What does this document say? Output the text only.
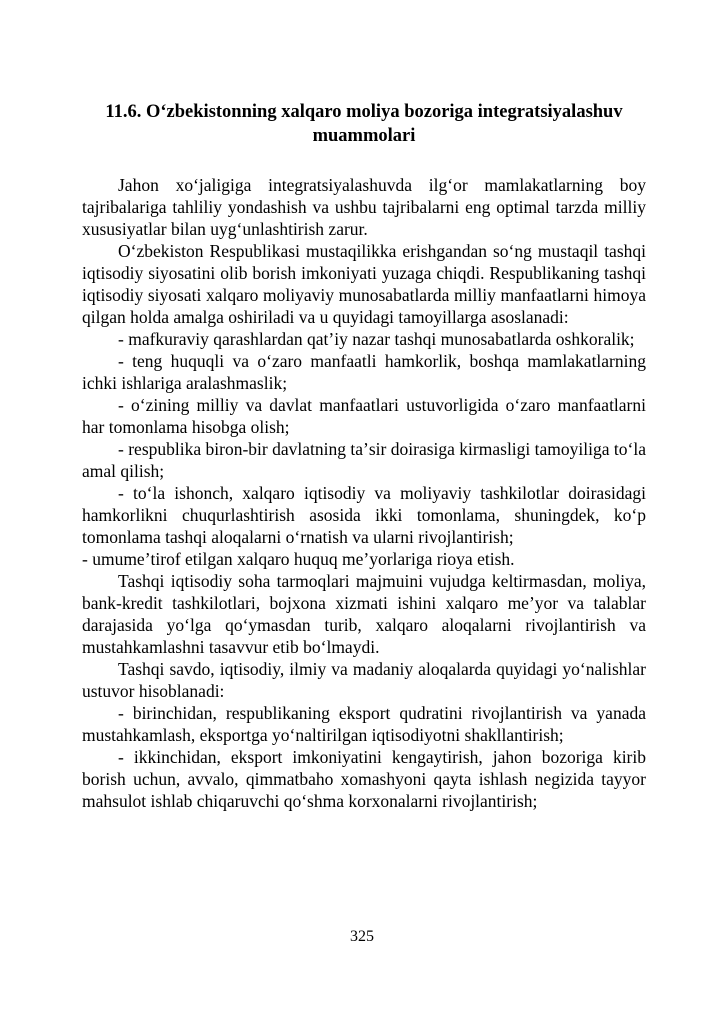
11.6. Oʻzbekistonning xalqaro moliya bozoriga integratsiyalashuv muammolari

Jahon xoʻjaligiga integratsiyalashuvda ilgʻor mamlakatlarning boy tajribalariga tahliliy yondashish va ushbu tajribalarni eng optimal tarzda milliy xususiyatlar bilan uygʻunlashtirish zarur.

Oʻzbekiston Respublikasi mustaqilikka erishgandan soʻng mustaqil tashqi iqtisodiy siyosatini olib borish imkoniyati yuzaga chiqdi. Respublikaning tashqi iqtisodiy siyosati xalqaro moliyaviy munosabatlarda milliy manfaatlarni himoya qilgan holda amalga oshiriladi va u quyidagi tamoyillarga asoslanadi:

- mafkuraviy qarashlardan qatʼiy nazar tashqi munosabatlarda oshkoralik;

- teng huquqli va oʻzaro manfaatli hamkorlik, boshqa mamlakatlarning ichki ishlariga aralashmaslik;

- oʻzining milliy va davlat manfaatlari ustuvorligida oʻzaro manfaatlarni har tomonlama hisobga olish;

- respublika biron-bir davlatning taʼsir doirasiga kirmasligi tamoyiliga toʻla amal qilish;

- toʻla ishonch, xalqaro iqtisodiy va moliyaviy tashkilotlar doirasidagi hamkorlikni chuqurlashtirish asosida ikki tomonlama, shuningdek, koʻp tomonlama tashqi aloqalarni oʻrnatish va ularni rivojlantirish;

- umumeʼtirof etilgan xalqaro huquq meʼyorlariga rioya etish.

Tashqi iqtisodiy soha tarmoqlari majmuini vujudga keltirmasdan, moliya, bank-kredit tashkilotlari, bojxona xizmati ishini xalqaro meʼyor va talablar darajasida yoʻlga qoʻymasdan turib, xalqaro aloqalarni rivojlantirish va mustahkamlashni tasavvur etib boʻlmaydi.

Tashqi savdo, iqtisodiy, ilmiy va madaniy aloqalarda quyidagi yoʻnalishlar ustuvor hisoblanadi:

- birinchidan, respublikaning eksport qudratini rivojlantirish va yanada mustahkamlash, eksportga yoʻnaltirilgan iqtisodiyotni shakllantirish;

- ikkinchidan, eksport imkoniyatini kengaytirish, jahon bozoriga kirib borish uchun, avvalo, qimmatbaho xomashyoni qayta ishlash negizida tayyor mahsulot ishlab chiqaruvchi qoʻshma korxonalarni rivojlantirish;

325
